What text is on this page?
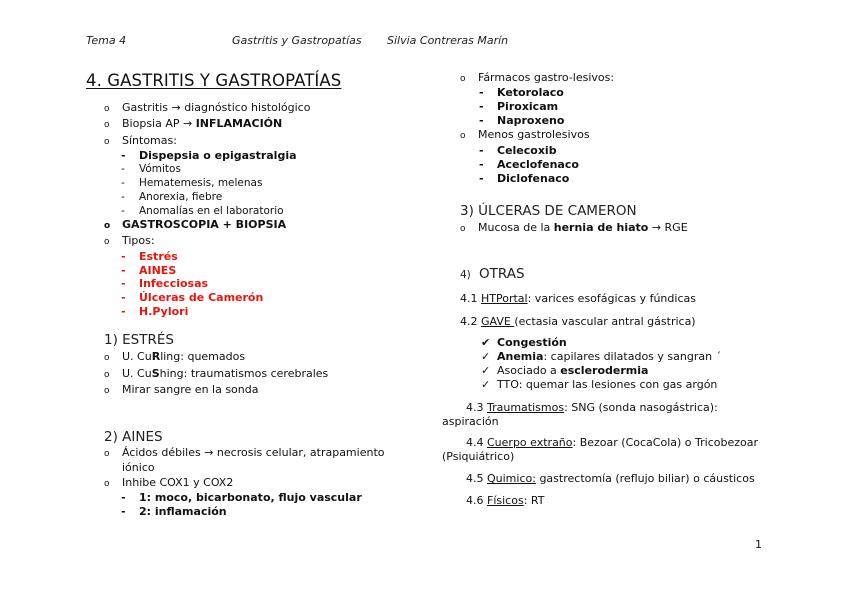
Tema 4	Gastritis y Gastropatías Silvia Contreras Marín
4. GASTRITIS Y GASTROPATÍAS
o Gastritis → diagnóstico histológico
o Biopsia AP → INFLAMACIÓN
o Síntomas:
- Dispepsia o epigastralgia
- Vómitos
- Hematemesis, melenas
- Anorexia, fiebre
- Anomalías en el laboratorio
o GASTROSCOPIA + BIOPSIA
o Tipos:
- Estrés
- AINES
- Infecciosas
- Úlceras de Camerón
- H.Pylori
1) ESTRÉS
o U. CuRling: quemados
o U. CuShing: traumatismos cerebrales
o Mirar sangre en la sonda
2) AINES
o Ácidos débiles → necrosis celular, atrapamiento
iónico
o Inhibe COX1 y COX2
- 1: moco, bicarbonato, flujo vascular
- 2: inflamación
o Fármacos gastro-lesivos:
- Ketorolaco
- Piroxicam
- Naproxeno
o Menos gastrolesivos
- Celecoxib
- Aceclofenaco
- Diclofenaco
3) ÚLCERAS DE CAMERON
o Mucosa de la hernia de hiato → RGE
4) OTRAS
4.1 HTPortal: varices esofágicas y fúndicas
4.2 GAVE (ectasia vascular antral gástrica)
✔ Congestión
✓ Anemia: capilares dilatados y sangran ´
✓ Asociado a esclerodermia
✓ TTO: quemar las lesiones con gas argón
4.3 Traumatismos: SNG (sonda nasogástrica):
aspiración
4.4 Cuerpo extraño: Bezoar (CocaCola) o Tricobezoar
(Psiquiátrico)
4.5 Quimico: gastrectomía (reflujo biliar) o cáusticos
4.6 Físicos: RT
1
